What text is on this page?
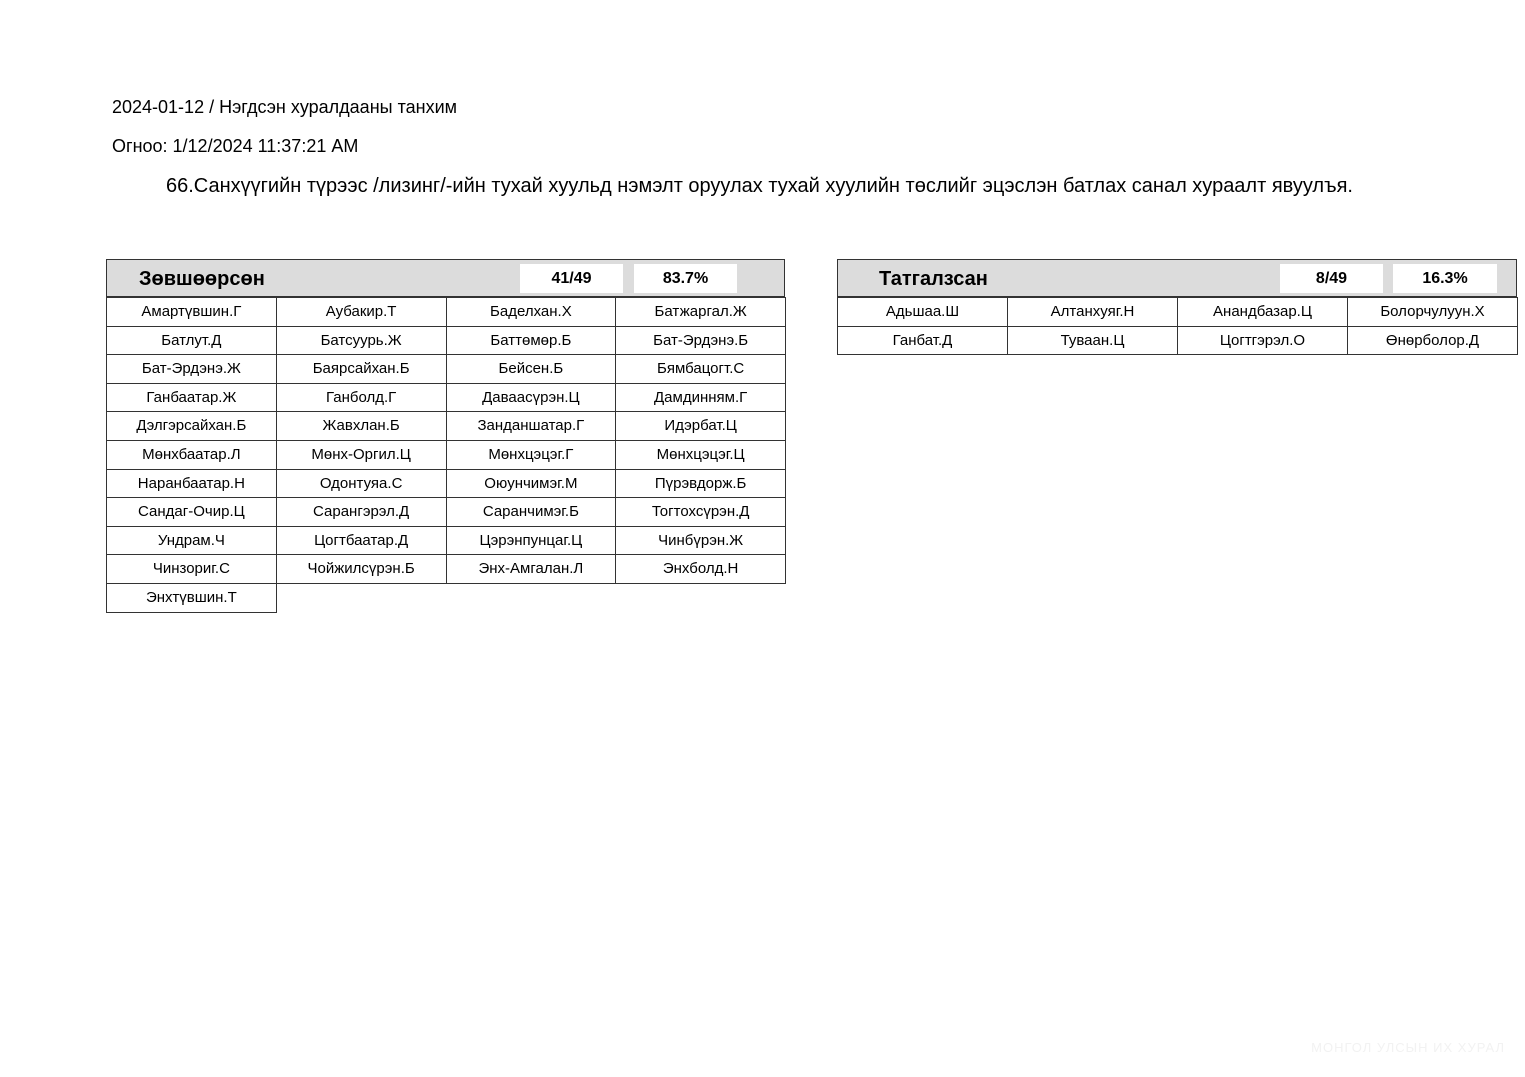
2024-01-12 / Нэгдсэн хуралдааны танхим
Огноо: 1/12/2024 11:37:21 AM
66.Санхүүгийн түрээс /лизинг/-ийн тухай хуульд нэмэлт оруулах тухай хуулийн төслийг эцэслэн батлах санал хураалт явуулъя.
Зөвшөөрсөн	41/49	83.7%
Амартүвшин.Г	Аубакир.Т	Баделхан.Х	Батжаргал.Ж
Батлут.Д	Батсуурь.Ж	Баттөмөр.Б	Бат-Эрдэнэ.Б
Бат-Эрдэнэ.Ж	Баярсайхан.Б	Бейсен.Б	Бямбацогт.С
Ганбаатар.Ж	Ганболд.Г	Даваасүрэн.Ц	Дамдинням.Г
Дэлгэрсайхан.Б	Жавхлан.Б	Занданшатар.Г	Идэрбат.Ц
Мөнхбаатар.Л	Мөнх-Оргил.Ц	Мөнхцэцэг.Г	Мөнхцэцэг.Ц
Наранбаатар.Н	Одонтуяа.С	Оюунчимэг.М	Пүрэвдорж.Б
Сандаг-Очир.Ц	Сарангэрэл.Д	Саранчимэг.Б	Тогтохсүрэн.Д
Ундрам.Ч	Цогтбаатар.Д	Цэрэнпунцаг.Ц	Чинбүрэн.Ж
Чинзориг.С	Чойжилсүрэн.Б	Энх-Амгалан.Л	Энхболд.Н
Энхтүвшин.Т
Татгалзсан	8/49	16.3%
Адьшаа.Ш	Алтанхуяг.Н	Анандбазар.Ц	Болорчулуун.Х
Ганбат.Д	Туваан.Ц	Цогтгэрэл.О	Өнөрболор.Д
МОНГОЛ УЛСЫН ИХ ХУРАЛ
